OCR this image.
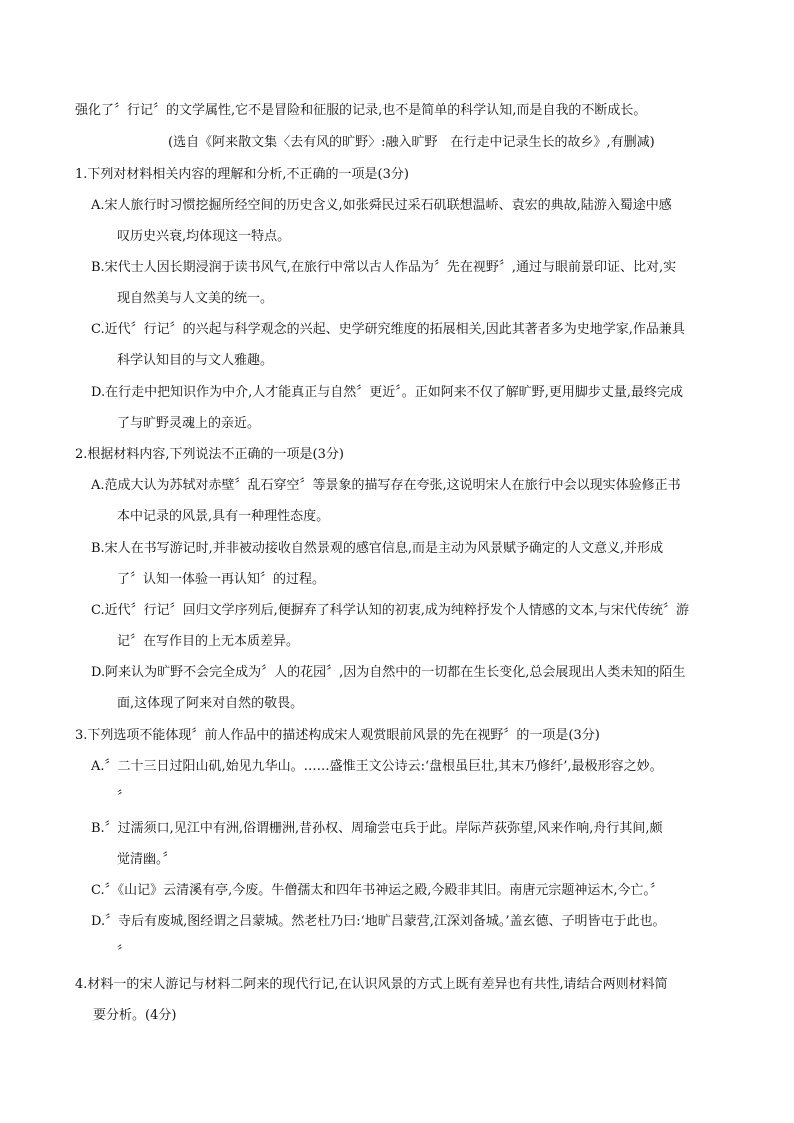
强化了〞行记〞的文学属性,它不是冒险和征服的记录,也不是简单的科学认知,而是自我的不断成长。
(选自《阿来散文集〈去有风的旷野〉:融入旷野　在行走中记录生长的故乡》,有删减)
1.下列对材料相关内容的理解和分析,不正确的一项是(3分)
A.宋人旅行时习惯挖掘所经空间的历史含义,如张舜民过采石矶联想温峤、袁宏的典故,陆游入蜀途中感
叹历史兴衰,均体现这一特点。
B.宋代士人因长期浸润于读书风气,在旅行中常以古人作品为〞先在视野〞,通过与眼前景印证、比对,实
现自然美与人文美的统一。
C.近代〞行记〞的兴起与科学观念的兴起、史学研究维度的拓展相关,因此其著者多为史地学家,作品兼具
科学认知目的与文人雅趣。
D.在行走中把知识作为中介,人才能真正与自然〞更近〞。正如阿来不仅了解旷野,更用脚步丈量,最终完成
了与旷野灵魂上的亲近。
2.根据材料内容,下列说法不正确的一项是(3分)
A.范成大认为苏轼对赤壁〞乱石穿空〞等景象的描写存在夸张,这说明宋人在旅行中会以现实体验修正书
本中记录的风景,具有一种理性态度。
B.宋人在书写游记时,并非被动接收自然景观的感官信息,而是主动为风景赋予确定的人文意义,并形成
了〞认知一体验一再认知〞的过程。
C.近代〞行记〞回归文学序列后,便摒弃了科学认知的初衷,成为纯粹抒发个人情感的文本,与宋代传统〞游
记〞在写作目的上无本质差异。
D.阿来认为旷野不会完全成为〞人的花园〞,因为自然中的一切都在生长变化,总会展现出人类未知的陌生
面,这体现了阿来对自然的敬畏。
3.下列选项不能体现〞前人作品中的描述构成宋人观赏眼前风景的先在视野〞的一项是(3分)
A.〞二十三日过阳山矶,始见九华山。……盛惟王文公诗云:‘盘根虽巨壮,其末乃修纤’,最极形容之妙。
〞
B.〞过濡须口,见江中有洲,俗谓栅洲,昔孙权、周瑜尝屯兵于此。岸际芦荻弥望,风来作响,舟行其间,颇
觉清幽。〞
C.〞《山记》云清溪有亭,今废。牛僧孺太和四年书神运之殿,今殿非其旧。南唐元宗题神运木,今亡。〞
D.〞寺后有废城,图经谓之吕蒙城。然老杜乃曰:‘地旷吕蒙营,江深刘备城。’盖玄德、子明皆屯于此也。
〞
4.材料一的宋人游记与材料二阿来的现代行记,在认识风景的方式上既有差异也有共性,请结合两则材料简
要分析。(4分)
